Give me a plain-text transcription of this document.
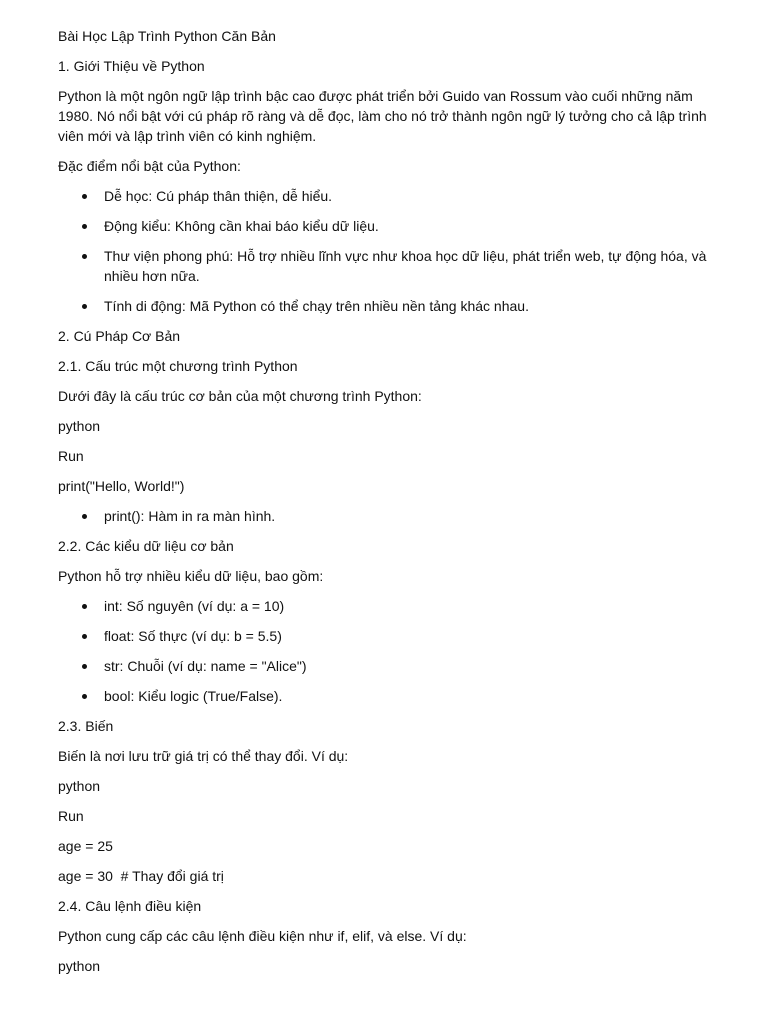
Bài Học Lập Trình Python Căn Bản

1. Giới Thiệu về Python

Python là một ngôn ngữ lập trình bậc cao được phát triển bởi Guido van Rossum vào cuối những năm 1980. Nó nổi bật với cú pháp rõ ràng và dễ đọc, làm cho nó trở thành ngôn ngữ lý tưởng cho cả lập trình viên mới và lập trình viên có kinh nghiệm.

Đặc điểm nổi bật của Python:

Dễ học: Cú pháp thân thiện, dễ hiểu.
Động kiểu: Không cần khai báo kiểu dữ liệu.
Thư viện phong phú: Hỗ trợ nhiều lĩnh vực như khoa học dữ liệu, phát triển web, tự động hóa, và nhiều hơn nữa.
Tính di động: Mã Python có thể chạy trên nhiều nền tảng khác nhau.

2. Cú Pháp Cơ Bản

2.1. Cấu trúc một chương trình Python

Dưới đây là cấu trúc cơ bản của một chương trình Python:

python

Run

print("Hello, World!")

print(): Hàm in ra màn hình.

2.2. Các kiểu dữ liệu cơ bản

Python hỗ trợ nhiều kiểu dữ liệu, bao gồm:

int: Số nguyên (ví dụ: a = 10)
float: Số thực (ví dụ: b = 5.5)
str: Chuỗi (ví dụ: name = "Alice")
bool: Kiểu logic (True/False).

2.3. Biến

Biến là nơi lưu trữ giá trị có thể thay đổi. Ví dụ:

python

Run

age = 25

age = 30  # Thay đổi giá trị

2.4. Câu lệnh điều kiện

Python cung cấp các câu lệnh điều kiện như if, elif, và else. Ví dụ:

python
